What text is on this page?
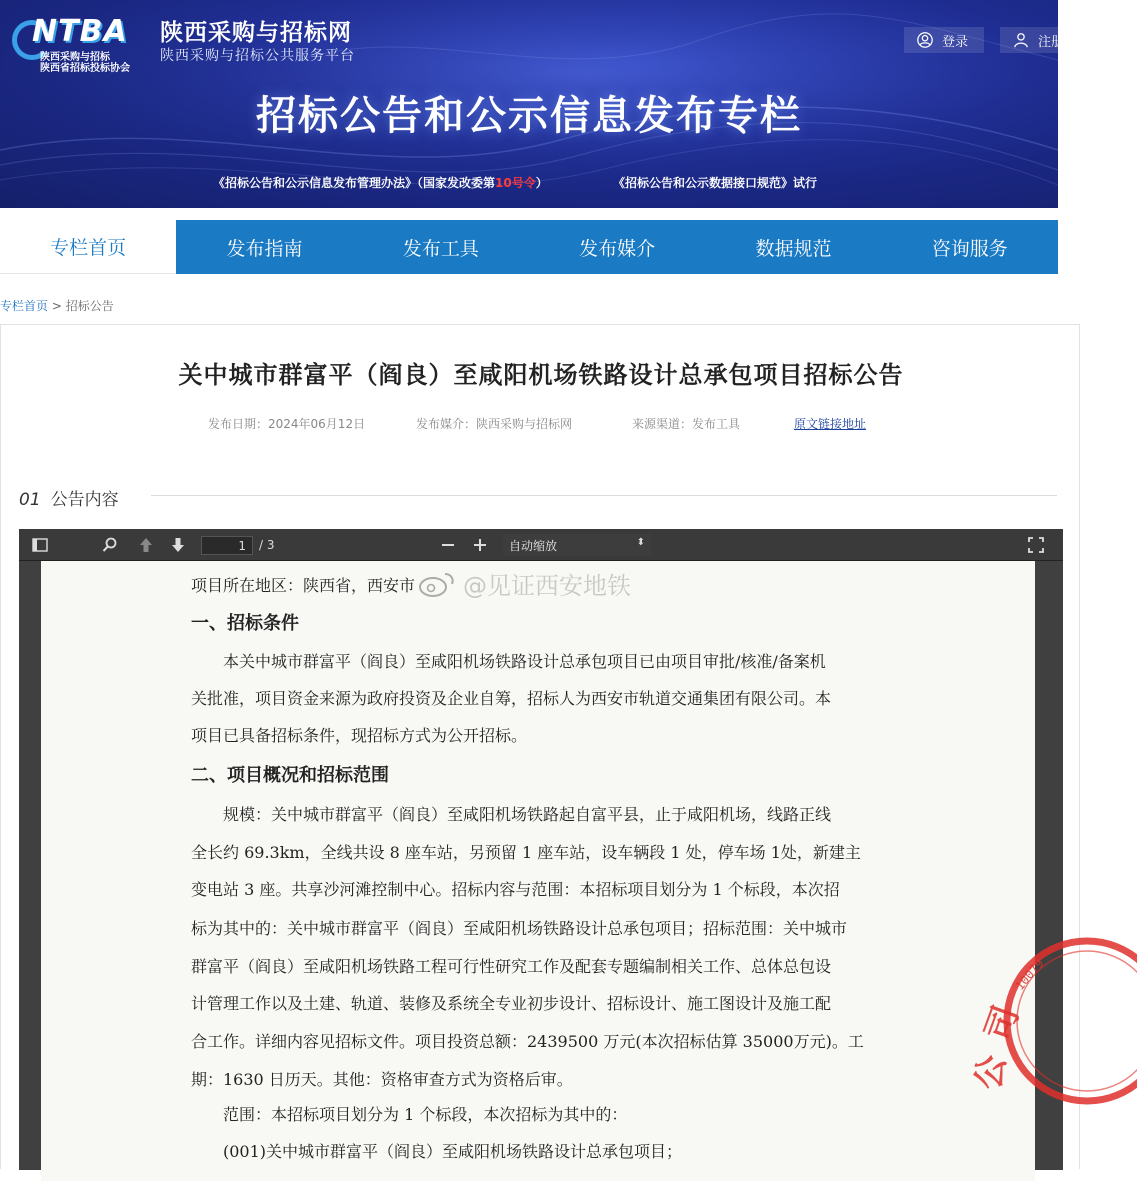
NTBA
陕西采购与招标
陕西省招标投标协会
陕西采购与招标网
陕西采购与招标公共服务平台
登录	注册
招标公告和公示信息发布专栏
《招标公告和公示信息发布管理办法》（国家发改委第10号令）	《招标公告和公示数据接口规范》试行
专栏首页	发布指南	发布工具	发布媒介	数据规范	咨询服务
专栏首页 > 招标公告
关中城市群富平（阎良）至咸阳机场铁路设计总承包项目招标公告
发布日期：2024年06月12日	发布媒介：陕西采购与招标网	来源渠道：发布工具	原文链接地址
01 公告内容
1
/ 3	自动缩放	⬍
@见证西安地铁
项目所在地区：陕西省，西安市
一、招标条件
　　本关中城市群富平（阎良）至咸阳机场铁路设计总承包项目已由项目审批/核准/备案机
关批准，项目资金来源为政府投资及企业自筹，招标人为西安市轨道交通集团有限公司。本
项目已具备招标条件，现招标方式为公开招标。
二、项目概况和招标范围
　　规模：关中城市群富平（阎良）至咸阳机场铁路起自富平县，止于咸阳机场，线路正线
全长约 69.3km，全线共设 8 座车站，另预留 1 座车站，设车辆段 1 处，停车场 1处，新建主
变电站 3 座。共享沙河滩控制中心。招标内容与范围：本招标项目划分为 1 个标段，本次招
标为其中的：关中城市群富平（阎良）至咸阳机场铁路设计总承包项目；招标范围：关中城市
群富平（阎良）至咸阳机场铁路工程可行性研究工作及配套专题编制相关工作、总体总包设
计管理工作以及土建、轨道、装修及系统全专业初步设计、招标设计、施工图设计及施工配
合工作。详细内容见招标文件。项目投资总额：2439500 万元(本次招标估算 35000万元)。工
期：1630 日历天。其他：资格审查方式为资格后审。
　　范围：本招标项目划分为 1 个标段，本次招标为其中的：
　　(001)关中城市群富平（阎良）至咸阳机场铁路设计总承包项目；
10079
司
公
